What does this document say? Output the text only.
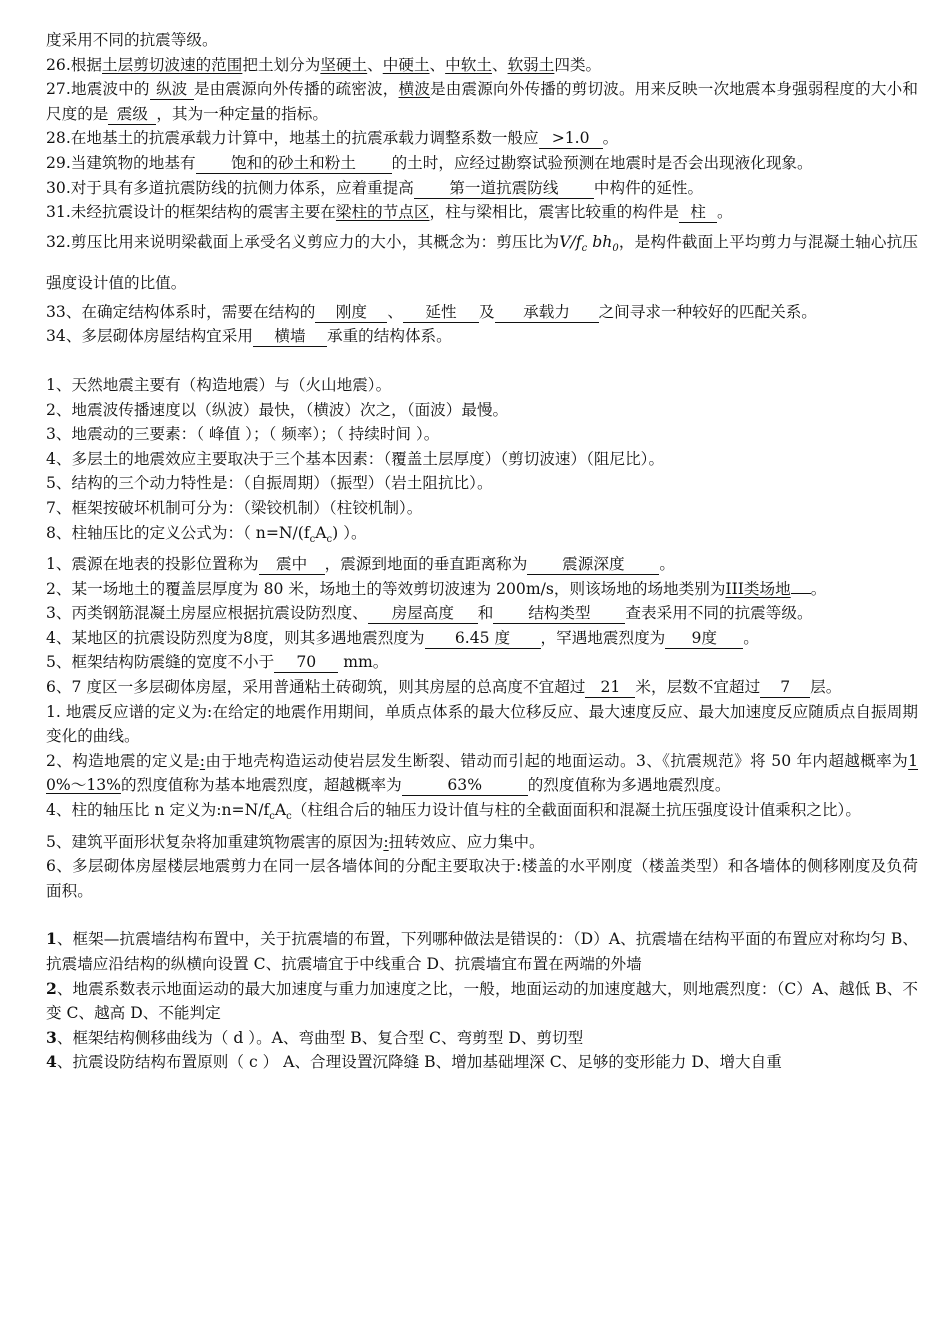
度采用不同的抗震等级。

26.根据土层剪切波速的范围把土划分为坚硬土、中硬土、中软土、软弱土四类。

27.地震波中的 纵波 是由震源向外传播的疏密波，横波是由震源向外传播的剪切波。用来反映一次地震本身强弱程度的大小和尺度的是 震级 ，其为一种定量的指标。

28.在地基土的抗震承载力计算中，地基土的抗震承载力调整系数一般应 >1.0 。

29.当建筑物的地基有 饱和的砂土和粉土 的土时，应经过勘察试验预测在地震时是否会出现液化现象。

30.对于具有多道抗震防线的抗侧力体系，应着重提高 第一道抗震防线 中构件的延性。

31.未经抗震设计的框架结构的震害主要在梁柱的节点区，柱与梁相比，震害比较重的构件是 柱 。

32.剪压比用来说明梁截面上承受名义剪应力的大小，其概念为：剪压比为$V/f_c$ $bh_0$，是构件截面上平均剪力与混凝土轴心抗压强度设计值的比值。

33、在确定结构体系时，需要在结构的 刚度 、 延性 及 承载力 之间寻求一种较好的匹配关系。

34、多层砌体房屋结构宜采用 横墙 承重的结构体系。

1、天然地震主要有（构造地震）与（火山地震）。

2、地震波传播速度以（纵波）最快，（横波）次之，（面波）最慢。

3、地震动的三要素：（ 峰值 ）；（ 频率）；（ 持续时间 ）。

4、多层土的地震效应主要取决于三个基本因素：（覆盖土层厚度）（剪切波速）（阻尼比）。

5、结构的三个动力特性是：（自振周期）（振型）（岩土阻抗比）。

7、框架按破坏机制可分为：（梁铰机制）（柱铰机制）。

8、柱轴压比的定义公式为：（ $n=N/(f_cA_c)$ ）。

1、震源在地表的投影位置称为 震中 ，震源到地面的垂直距离称为 震源深度 。

2、某一场地土的覆盖层厚度为 80 米，场地土的等效剪切波速为 200m/s，则该场地的场地类别为III类场地 。

3、丙类钢筋混凝土房屋应根据抗震设防烈度、 房屋高度 和 结构类型 查表采用不同的抗震等级。

4、某地区的抗震设防烈度为8度，则其多遇地震烈度为 6.45 度 ，罕遇地震烈度为 9度 。

5、框架结构防震缝的宽度不小于 70 mm。

6、7 度区一多层砌体房屋，采用普通粘土砖砌筑，则其房屋的总高度不宜超过 21 米，层数不宜超过 7 层。

1. 地震反应谱的定义为:在给定的地震作用期间，单质点体系的最大位移反应、最大速度反应、最大加速度反应随质点自振周期变化的曲线。

2、构造地震的定义是:由于地壳构造运动使岩层发生断裂、错动而引起的地面运动。3、《抗震规范》将 50 年内超越概率为10%～13%的烈度值称为基本地震烈度，超越概率为	63%	的烈度值称为多遇地震烈度。

4、柱的轴压比 n 定义为$:n=N/f_cA_c$（柱组合后的轴压力设计值与柱的全截面面积和混凝土抗压强度设计值乘积之比）。

5、建筑平面形状复杂将加重建筑物震害的原因为:扭转效应、应力集中。

6、多层砌体房屋楼层地震剪力在同一层各墙体间的分配主要取决于:楼盖的水平刚度（楼盖类型）和各墙体的侧移刚度及负荷面积。

1、框架—抗震墙结构布置中，关于抗震墙的布置，下列哪种做法是错误的：（D）A、抗震墙在结构平面的布置应对称均匀 B、抗震墙应沿结构的纵横向设置 C、抗震墙宜于中线重合 D、抗震墙宜布置在两端的外墙

2、地震系数表示地面运动的最大加速度与重力加速度之比，一般，地面运动的加速度越大，则地震烈度：（C）A、越低 B、不变 C、越高 D、不能判定

3、框架结构侧移曲线为（ d ）。A、弯曲型 B、复合型 C、弯剪型 D、剪切型

4、抗震设防结构布置原则（ c ） A、合理设置沉降缝 B、增加基础埋深 C、足够的变形能力 D、增大自重
